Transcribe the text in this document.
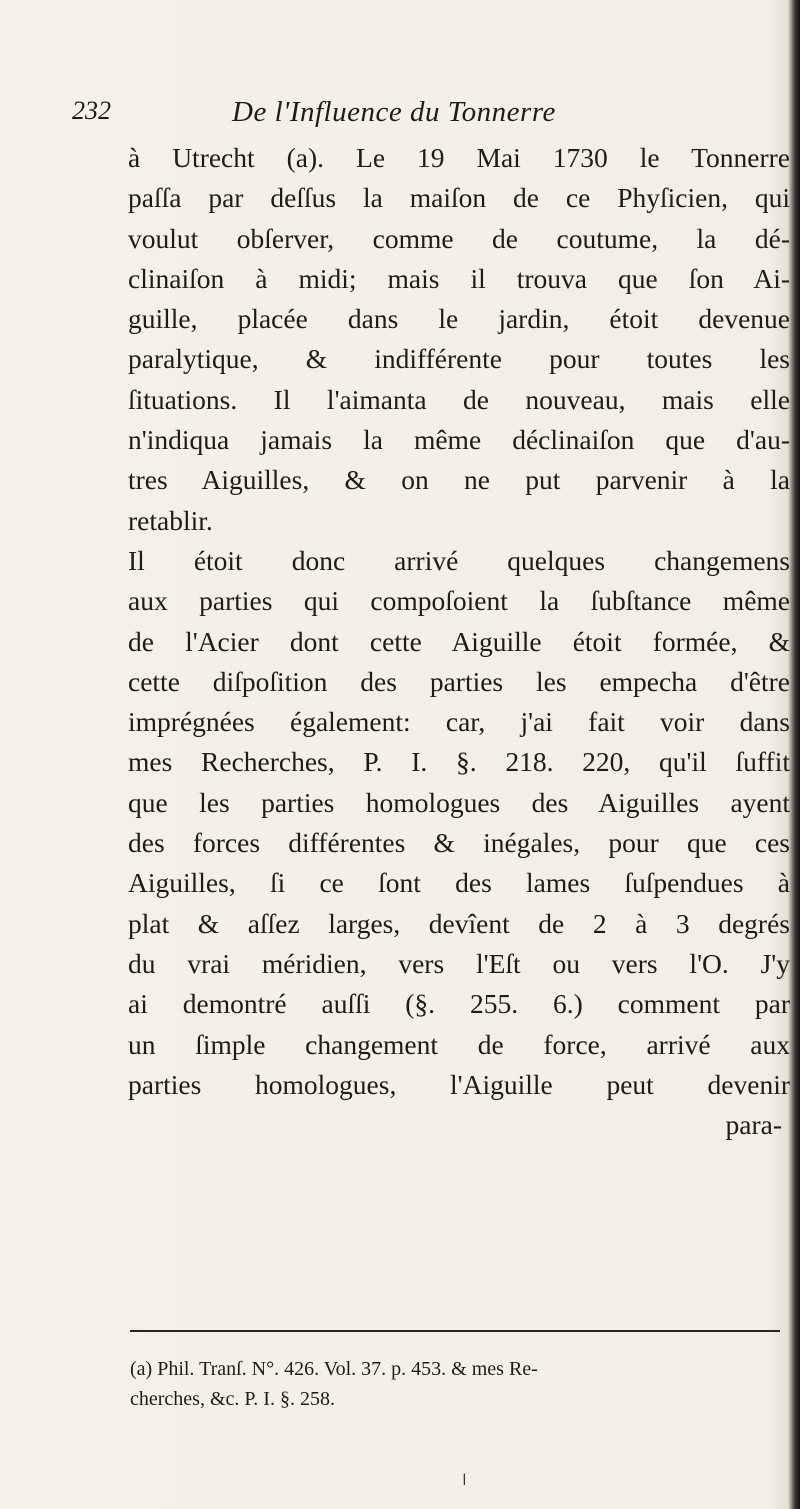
232	De l'Influence du Tonnerre
à Utrecht (a). Le 19 Mai 1730 le Tonnerre
paſſa par deſſus la maiſon de ce Phyſicien, qui
voulut obſerver, comme de coutume, la dé-
clinaiſon à midi; mais il trouva que ſon Ai-
guille, placée dans le jardin, étoit devenue
paralytique, & indifférente pour toutes les
ſituations. Il l'aimanta de nouveau, mais elle
n'indiqua jamais la même déclinaiſon que d'au-
tres Aiguilles, & on ne put parvenir à la
retablir.
Il étoit donc arrivé quelques changemens
aux parties qui compoſoient la ſubſtance même
de l'Acier dont cette Aiguille étoit formée, &
cette diſpoſition des parties les empecha d'être
imprégnées également: car, j'ai fait voir dans
mes Recherches, P. I. §. 218. 220, qu'il ſuffit
que les parties homologues des Aiguilles ayent
des forces différentes & inégales, pour que ces
Aiguilles, ſi ce ſont des lames ſuſpendues à
plat & aſſez larges, devîent de 2 à 3 degrés
du vrai méridien, vers l'Eſt ou vers l'O. J'y
ai demontré auſſi (§. 255. 6.) comment par
un ſimple changement de force, arrivé aux
parties homologues, l'Aiguille peut devenir
para-
(a) Phil. Tranſ. N°. 426. Vol. 37. p. 453. & mes Re-
cherches, &c. P. I. §. 258.
ǀ
